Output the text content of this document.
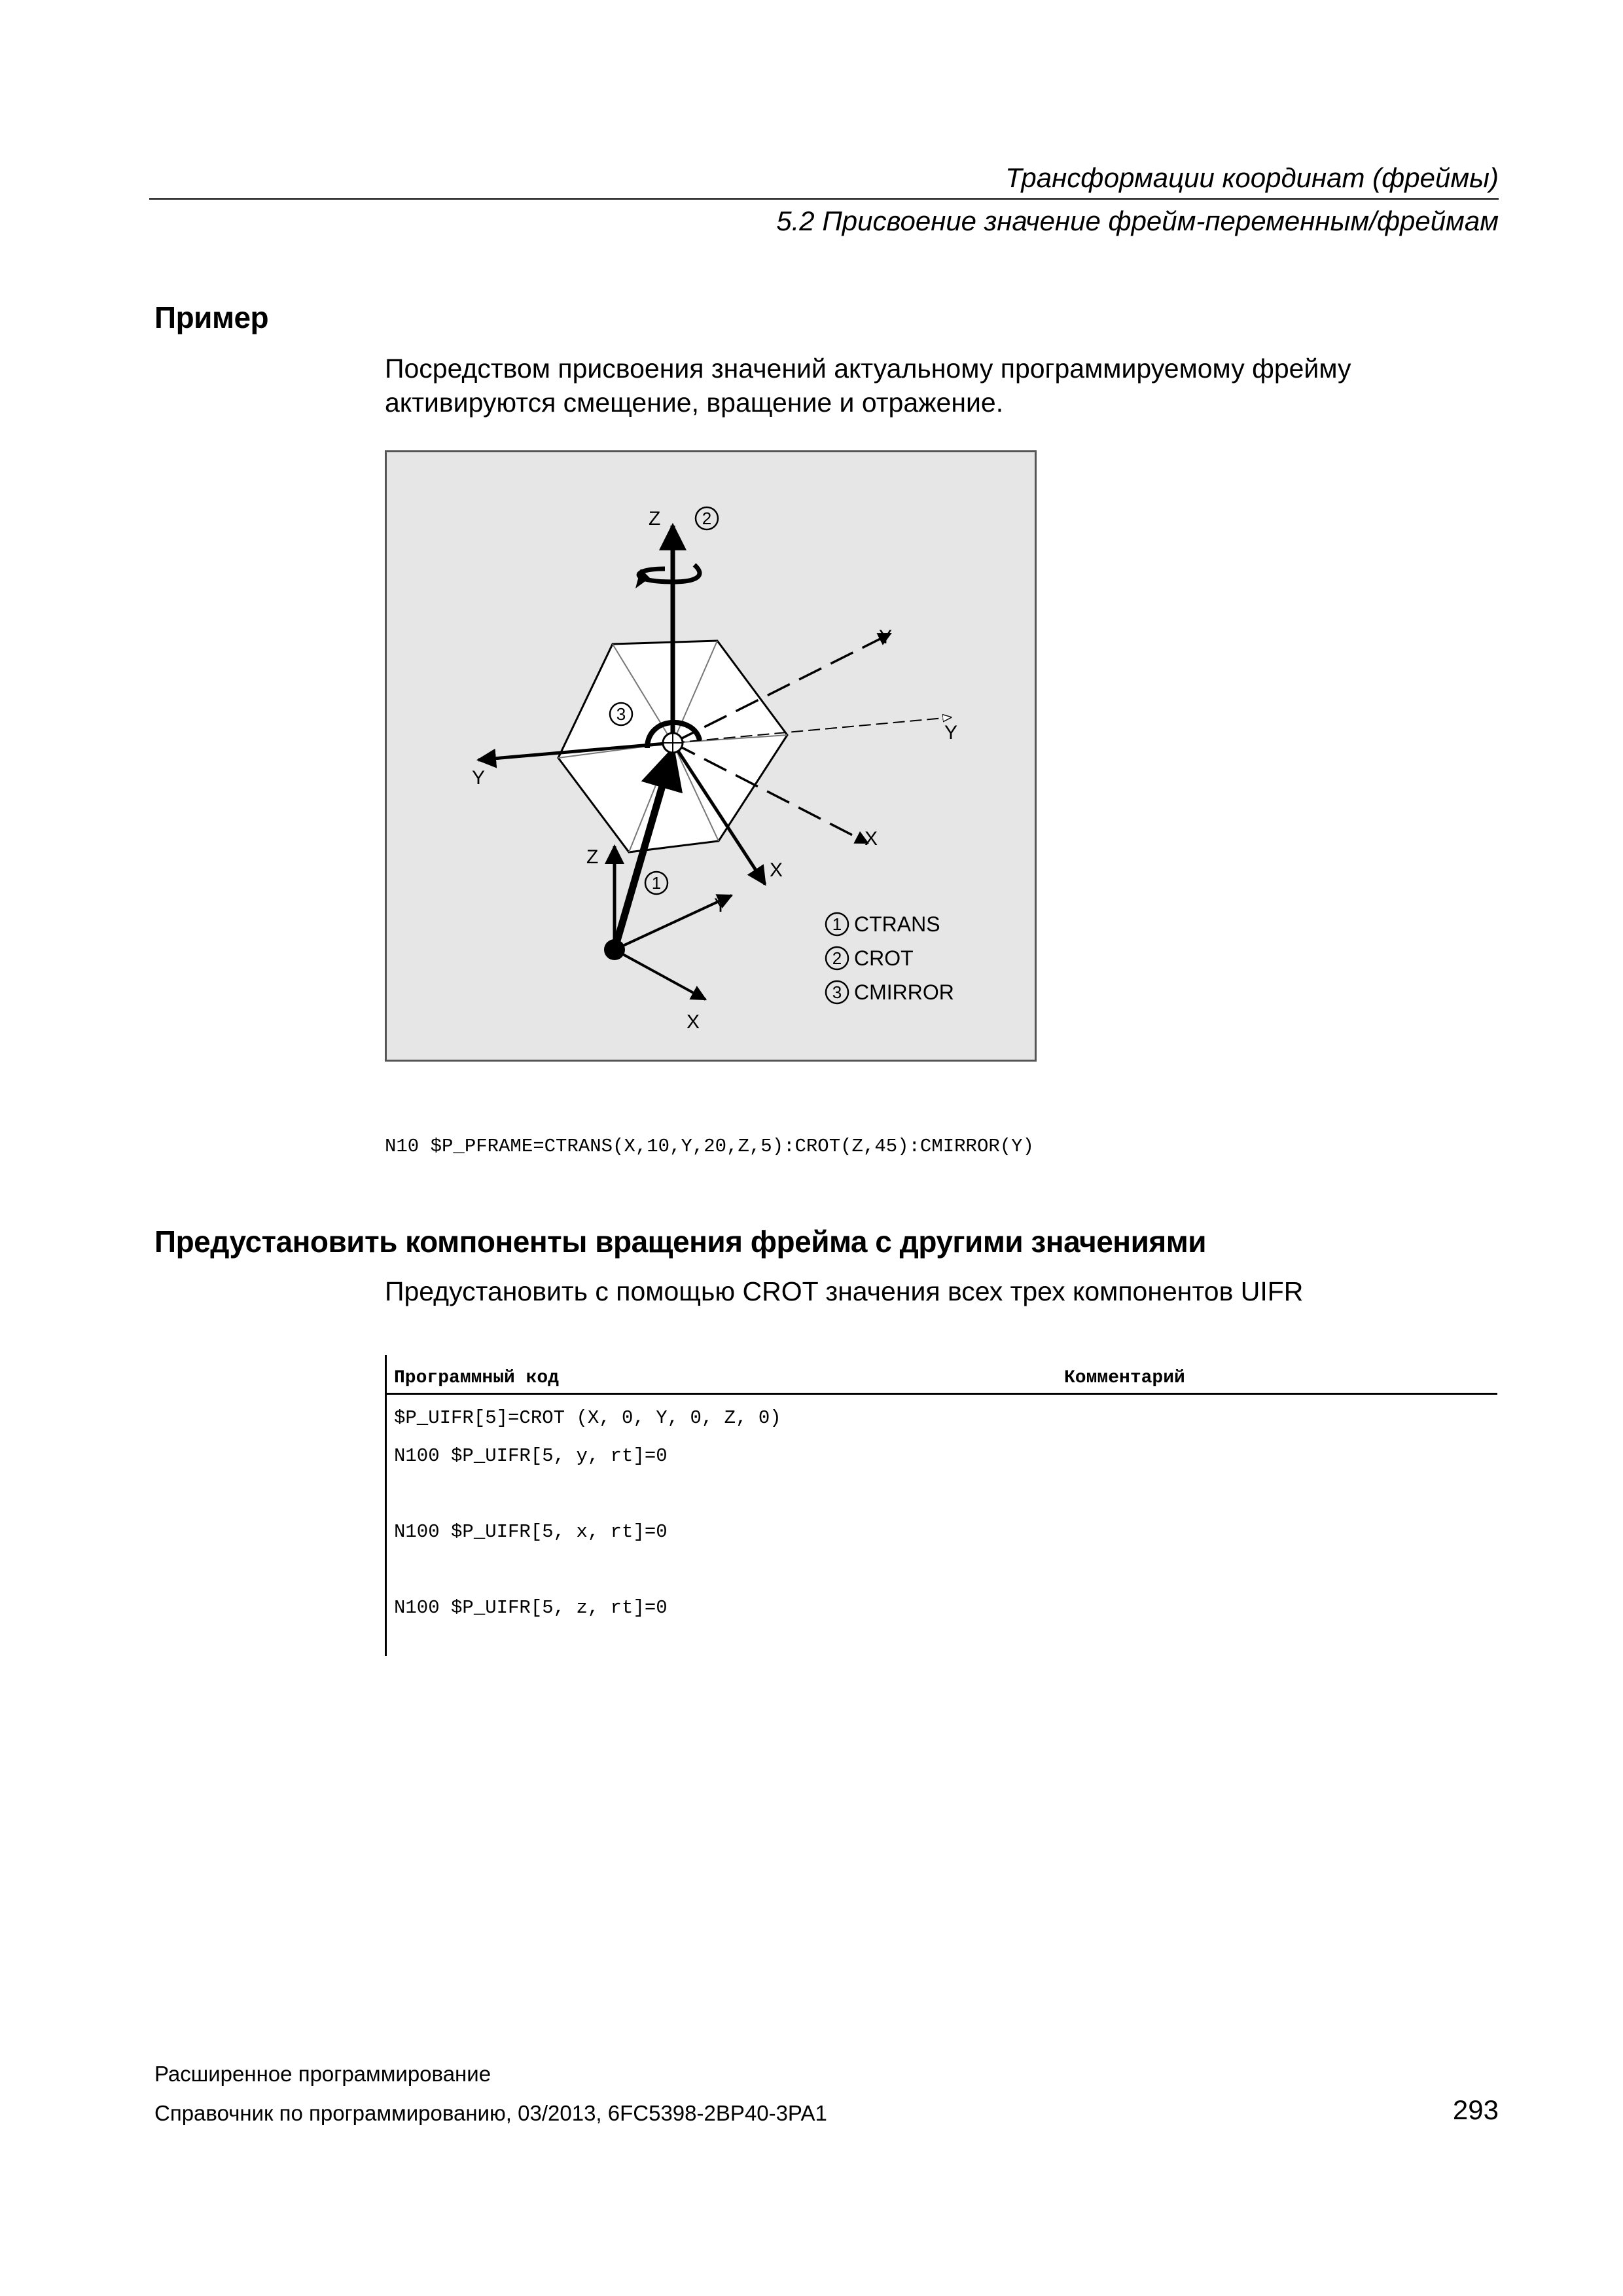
Трансформации координат (фреймы)
5.2 Присвоение значение фрейм-переменным/фреймам
Пример
Посредством присвоения значений актуальному программируемому фрейму
активируются смещение, вращение и отражение.
Z
Y
Y
Y
X
X
Z
Y
X
2
3
1
1 CTRANS
2 CROT
3 CMIRROR
N10 $P_PFRAME=CTRANS(X,10,Y,20,Z,5):CROT(Z,45):CMIRROR(Y)
Предустановить компоненты вращения фрейма с другими значениями
Предустановить с помощью CROT значения всех трех компонентов UIFR
Программный код	Комментарий
$P_UIFR[5]=CROT (X, 0, Y, 0, Z, 0)
N100 $P_UIFR[5, y, rt]=0
N100 $P_UIFR[5, x, rt]=0
N100 $P_UIFR[5, z, rt]=0
Расширенное программирование
Справочник по программированию, 03/2013, 6FC5398-2BP40-3PA1	293
